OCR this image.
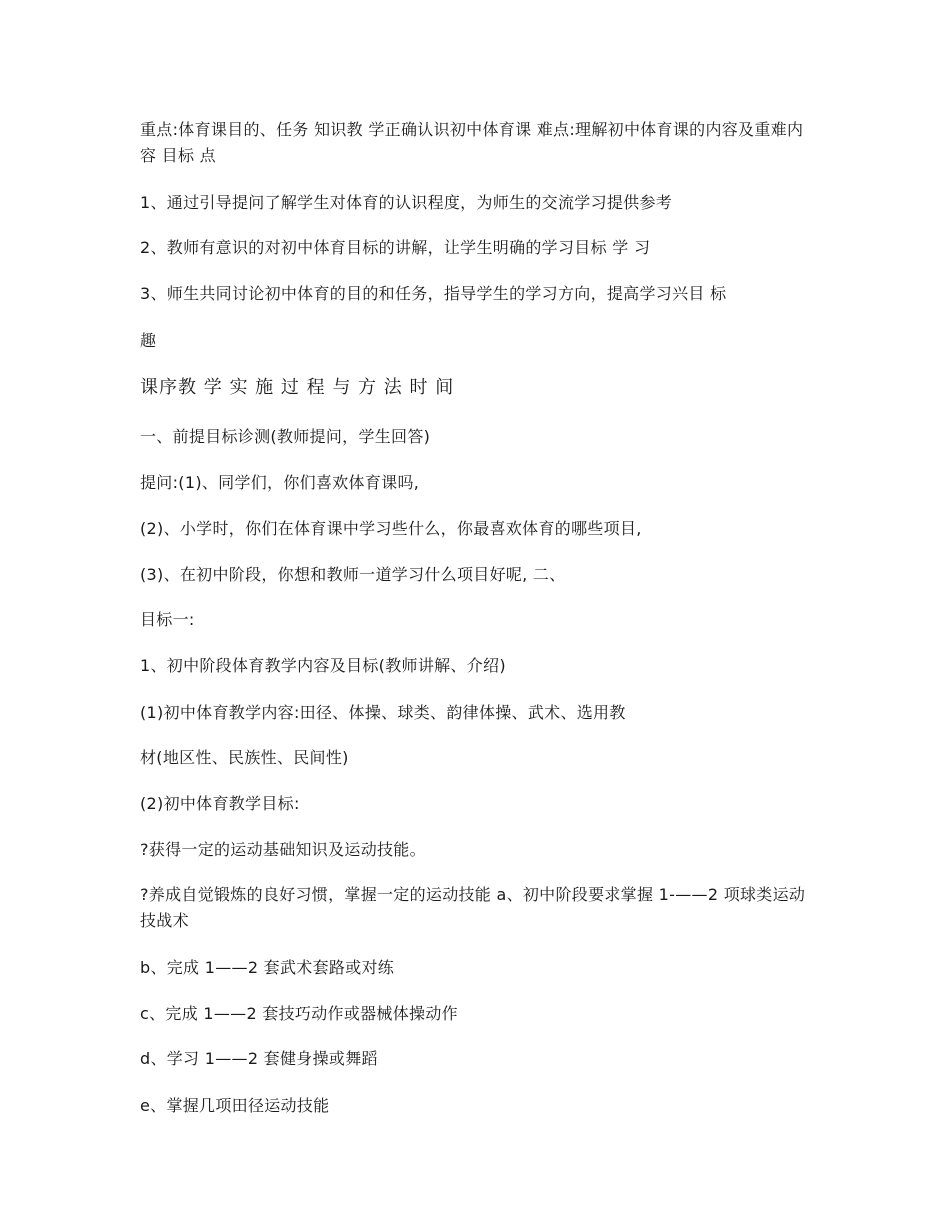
重点:体育课目的、任务 知识教 学正确认识初中体育课 难点:理解初中体育课的内容及重难内 容 目标 点
1、通过引导提问了解学生对体育的认识程度，为师生的交流学习提供参考
2、教师有意识的对初中体育目标的讲解，让学生明确的学习目标 学 习
3、师生共同讨论初中体育的目的和任务，指导学生的学习方向，提高学习兴目 标
趣
课序教 学 实 施 过 程 与 方 法 时 间
一、前提目标诊测(教师提问，学生回答)
提问:(1)、同学们，你们喜欢体育课吗,
(2)、小学时，你们在体育课中学习些什么，你最喜欢体育的哪些项目,
(3)、在初中阶段，你想和教师一道学习什么项目好呢, 二、
目标一:
1、初中阶段体育教学内容及目标(教师讲解、介绍)
(1)初中体育教学内容:田径、体操、球类、韵律体操、武术、选用教
材(地区性、民族性、民间性)
(2)初中体育教学目标:
?获得一定的运动基础知识及运动技能。
?养成自觉锻炼的良好习惯，掌握一定的运动技能 a、初中阶段要求掌握 1-——2 项球类运动技战术
b、完成 1——2 套武术套路或对练
c、完成 1——2 套技巧动作或器械体操动作
d、学习 1——2 套健身操或舞蹈
e、掌握几项田径运动技能
